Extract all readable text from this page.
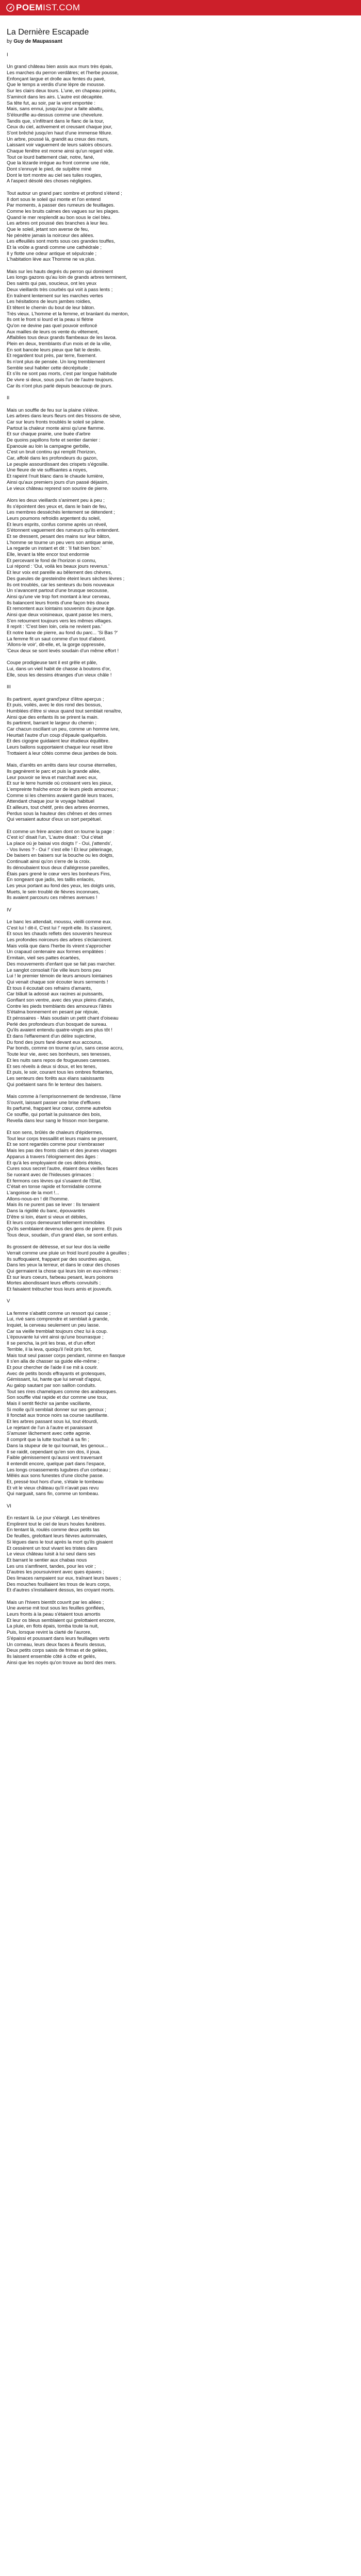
POEMIST.COM
La Dernière Escapade
by Guy de Maupassant
I
Un grand château bien assis aux murs très épais,
Les marches du perron verdâtres; et l'herbe pousse,
Enfonçant largue et drolle aux fentes du pavé,
Que le temps a verdis d'une lèpre de mousse.
Sur les clairs deux tours. L'une, en chapeau pointu,
S'amincit dans les airs. L'autre est décapitée.
Sa tête fut, au soir, par la vent emportée :
Mais, sans ennui, jusqu'au jour a faite abattu,
S'élourdfie au-dessus comme une chevelure.
Tandis que, s'infiltrant dans le flanc de la tour,
Ceux du ciel, activement et creusant chaque jour,
S'ont brêché jusqu'en haut d'une immense fêlure.
Un arbre, poussé là, grandit au creux des murs,
Laissant voir vaguement de leurs saloirs obscurs.
Chaque fenêtre est morne ainsi qu'un regard vide.
Tout ce lourd battement clair, notre, fané,
Que la lézarde irrégue au front comme une ride,
Dont s'ennuyé le pied, de sulpêtre miné
Dont le tort montre au ciel ses tuiles rougies,
A l'aspect désolé des choses négligées.
Tout autour un grand parc sombre et profond s'étend ;
Il dort sous le soleil qui monte et l'on entend
Par moments, à passer des rumeurs de feuillages.
Comme les bruits calmes des vagues sur les plages.
Quand le mer resplendit au bon sous le ciel bleu.
Les arbres ont poussé des branches à leur lieu.
Que le soleil, jetant son averse de feu,
Ne pénètre jamais la noirceur des allées.
Les effeuillés sont morts sous ces grandes touffes,
Et la voûte a grandi comme une cathédrale ;
Il y flotte une odeur antique et sépulcrale ;
L'habitation lève aux Thomme ne va plus.
Mais sur les hauts degrés du perron qui dominent
Les longs gazons qu'au loin de grands arbres terminent,
Des saints qui pas, soucieux, ont les yeux
Deux vieillards très courbés qui voit à pass lents ;
En traînent lentement sur les marches vertes
Les hésitations de leurs jambes roidies,
Et têtent le chemin du bout de leur bâton.
Très vieux. L'homme et la femme, et branlant du menton,
Ils ont le front si lourd et la peau si flétrie
Qu'on ne devine pas quel pouvoir enfoncé
Aux mailles de leurs os vente du vêtement,
Affaiblies tous deux grands flambeaux de les lavoa.
Plein en deux, tremblants d'un mois et de la vilie,
En soit bancée leurs pieux que fait le destin.
Et regardent tout près, par terre, fixement.
Ils n'ont plus de pensée. Un long tremblement
Semble seul habiter cette décrépitude ;
Et s'ils ne sont pas morts, c'est par longue habitude
De vivre si deux, sous puis l'un de l'autre toujours.
Car ils n'ont plus parlé depuis beaucoup de jours.
II
Mais un souffle de feu sur la plaine s'élève.
Les arbres dans leurs fleurs ont des frissons de sève,
Car sur leurs fronts troublés le soleil se pâme.
Partout la chaleur monte ainsi qu'une flamme.
Et sur chaque prairie, une buée d'arbre
De quoins papillons forte et sentier darnier :
Epanouie au loin la campagne gerbille,
C'est un bruit continu qui remplit l'horizon,
Car, affolé dans les profondeurs du gazon,
Le peuple assourdissant des crispets s'égosille.
Une fleure de vie suffisantes a noyes,
Et rapeint l'nuit blanc dans le chaude lumière,
Ainsi qu'aux premiers jours d'un passé déjasim,
Le vieux château reprend son sourire de pierre.
Alors les deux vieillards s'animent peu à peu ;
Ils s'épointent des yeux et, dans le bain de feu,
Les membres desséchés lentement se détendent ;
Leurs poumons refroidis argentent du soleil,
Et leurs esprits, confus comme après un réveil,
S'étonnent vaguement des rumeurs qu'ils entendent.
Et se dressent, pesant des mains sur leur bâton,
L'homme se tourne un peu vers son antique amie,
La regarde un instant et dit : 'Il fait bien bon.'
Elle, levant la tête encor tout endormie
Et percevant le fond de l'horizon si connu,
Lui répond : 'Oui, voilà les beaux jours revenus.'
Et leur voix est pareille au bêlement des chèvres,
Des gueules de gresteindre éteint leurs sèches lèvres ;
Ils ont troublés, car les senteurs du bois nouveaux
Un s'avancent partout d'une brusque secousse,
Ainsi qu'une vie trop fort montant à leur cerveau,
Ils balancent leurs fronts d'une façon très douce
Et remontent aux lointains souvenirs du jeune âge.
Ainsi que deux voisineaux, quant passe les mers,
S'en retournent toujours vers les mêmes villages.
Il reprit : 'C'est bien loin, cela ne revient pas.'
Et notre bane de pierre, au fond du parc... 'Si Bas ?'
La femme fit un saut comme d'un tout d'abord.
'Allons-le voir', dit-elle, et, la gorge oppressée,
'Ceux deux se sont levés soudain d'un même effort !
Coupe prodigieuse tant il est grêle et pâle,
Lui, dans un vieil habit de chasse à boutons d'or,
Elle, sous les dessins étranges d'un vieux châle !
III
Ils partirent, ayant grand'peur d'être aperçus ;
Et puis, voilés, avec le dos rond des bossus,
Humblées d'être si vieux quand tout semblait renaître,
Ainsi que des enfants ils se prirent la main.
Ils partirent, barrant le largeur du chemin ;
Car chacun oscillant un peu, comme un homme ivre,
Heurtait l'autre d'un coup d'épaule quelquefois.
Et des cigogne guidaient leur étudieux équilibre.
Leurs ballons supportaient chaque leur reset libre
Trottaient à leur côtés comme deux jambes de bois.
Mais, d'arrêts en arrêts dans leur course éternelles,
Ils gagnèrent le parc et puis la grande allée,
Leur pouvoir se leva et marchait avec eux,
Et sur le terre humide où croissent vers les pieux,
L'empreinte fraîche encor de leurs pieds amoureux ;
Comme si les chemins avaient gardé leurs traces,
Attendant chaque jour le voyage habituel
Et ailleurs, tout chétif, prés des arbres énormes,
Perdus sous la hauteur des chênes et des ormes
Qui versaient autour d'eux un sort perpétuel.
Et comme un frère ancien dont on tourne la page :
C'est ici' disait l'un, 'L'autre disait : 'Oui c'était
La place où je baisai vos doigts !' - Oui, j'attends',
- Vos livres ? - Oui !' s'est elle ! Et leur pèlerinage,
De baisers en baisers sur la bouche ou les doigts,
Continuait ainsi qu'on s'erre de la croix.
Ils dénoubaient tous deux d'allégresse pareilles,
Étais pars grené le cœur vers les bonheurs Fins,
En songeant que jadis, les taillis enlacés,
Les yeux portant au fond des yeux, les doigts unis,
Muets, le sein troublé de fièvres inconnues,
Ils avaient parcouru ces mêmes avenues !
IV
Le banc les attendait, moussu, vieilli comme eux.
C'est lui ! dit-il, C'est lui !' reprit-elle. Ils s'assirent,
Et sous les chauds reflets des souvenirs heureux
Les profondes noirceurs des arbres s'éclaircirent.
Mais voilà que dans l'herbe ils virent s'approcher
Un crapaud centenaire aux formes empâtées :
Ermitain, vieil ses pattes écartées,
Des mouvements d'enfant que se fait pas marcher.
Le sanglot consolait l'ûe ville leurs bons peu
Lui ! le premier témoin de leurs amours lointaines
Qui venait chaque soir écouter leurs serments !
Et tous il écoutait ces refrains d'amants,
Car blâuit la adossé aux racines ai puissants,
Gonflant son ventre, avec des yeux pleins d'atsés,
Contre les pieds tremblants des amoureux l'âtrés
S'étalma bonnement en pesant par réjouie,
Et pénssaires - Mais soudain un petit chant d'oiseau
Perlé des profondeurs d'un bosquet de sureau.
Qu'ils avaient entendu quatre-vingts ans plus tôt !
Et dans l'effarement d'un délire sujectime,
Du fond des jours fané devant eux accourus,
Par bonds, comme on tourne qu'un, sans cesse accru,
Toute leur vie, avec ses bonheurs, ses tenesses,
Et les nuits sans repos de fougueuses caresses.
Et ses réveils à deux si doux, et les tenes,
Et puis, le soir, courant tous les ombres flottantes,
Les senteurs des forêts aux élans saisissants
Qui poétaient sans fin le tenteur des baisers.
Mais comme à l'emprisonnement de tendresse, l'âme
S'ouvrit, laissant passer une brise d'effluves
Ils parfumé, frappant leur cœur, comme autrefois
Ce souffle, qui portait la puissance des bois,
Revella dans leur sang le frisson mon bergame.
Et son sens, brûlés de chaleurs d'épidermes,
Tout leur corps tressaillit et leurs mains se pressent,
Et se sont regardés comme pour s'embrasser
Mais les pas des fronts clairs et des jeunes visages
Apparus à travers l'éloignement des âges :
Et qu'à les employaient de ces débris étoles,
Cures sous secret l'autre, étaient deux vieilles faces
Se ruorant avec de l'hideuses grimaces :
Et fermons ces lèvres qui s'usaient de l'Etat,
C'était en tonse rapide et formidable comme
L'angoisse de la mort !...
Allons-nous-en ! dit l'homme.
Mais ils ne purent pas se lever : Ils tenaient
Dans la rigidité du banc, épouvantés
D'être si loin, étant si vieux et débiles,
Et leurs corps demeurant tellement immobiles
Qu'ils semblaient devenus des gens de pierre. Et puis
Tous deux, soudain, d'un grand élan, se sont enfuis.
Ils grossent de détresse, et sur leur dos la vieille
Verrait comme une pluie un froid lourd poudre à geuilles ;
Ils suffoquaient, frappant par des sourdres aigus,
Dans les yeux la terreur, et dans le cœur des choses
Qui germaient la chose qui leurs loin en eux-mêmes :
Et sur leurs coeurs, farbeau pesant, leurs poisons
Mortes abondissant leurs efforts convulsifs ;
Et faisaient trébucher tous leurs amis et jouveufs.
V
La femme s'abattit comme un ressort qui casse ;
Lui, rivé sans comprendre et semblait à grande,
Inquiet, la cerveau seulement un peu lasse.
Car sa vieille tremblait toujours chez lui à coup.
L'épouvante lui vint ainsi qu'une bourrasque ;
Il se pencha, la prit les bras, et d'un effort
Terrible, il la leva, quoiqu'il l'eût pris fort,
Mais tout seul passer corps pendant, nimme en fiasque
Il s'en alla de chasser sa guide elle-même ;
Et pour chercher de l'aide il se mit à courir.
Avec de petits bonds effrayants et grotesques,
Gémissant, lui, hante que lui servait d'appui,
Au galop sautant par son saillon conduits.
Tout ses rires chamelques comme des arabesques.
Son souffle vital rapide et dur comme une toux,
Mais il sentit fléchir sa jambe vacillante,
Si molle qu'il semblait donner sur ses genoux ;
Il fonctait aux tronce noirs sa course sautillante.
Et les arbres passant sous lui, tout étourdi,
Le rejetant de l'un à l'autre et paraissant
S'amuser lâchement avec cette agonie.
Il comprit que la lutte touchait à sa fin ;
Dans la stupeur de te qui tournait, les genoux...
Il se raidit, cependant qu'en son dos, il joua.
Faible gémissement qu'aussi vent traversant
Il entendit encore, quelque part dans l'espace,
Les longs croassements lugubres d'un corbeau ;
Mêlés aux sons funestes d'une cloche passe.
Et, pressé tout hors d'une, s'étale le tombeau
Et vit le vieux château qu'il n'avait pas revu
Qui narguait, sans fin, comme un tombeau.
VI
En restant là. Le jour s'élargit. Les ténèbres
Emplirent tout le ciel de leurs houles funèbres.
En tentant là, roulés comme deux petits tas
De feuilles, grelottant leurs fièvres automnales,
Si légues dans le tout après la mort qu'ils gisaient
Et cessèrent un tout vivant les tristes dans
Le vieux château luisit à lui seul dans ses
Et barrant le sentier aux chabas nous
Les uns s'amfinent, tandes, pour les voir ;
D'autres les poursuivirent avec ques épaves ;
Des limaces rampaient sur eux, traînant leurs baves ;
Des mouches fouillaient les trous de leurs corps,
Et d'autres s'installaient dessus, les croyant morts.
Mais un l'hivers bientôt couvrit par les allées ;
Une averse mit tout sous les feuilles gonflées,
Leurs fronts à la peau s'étaient tous amortis
Et leur os bleus semblaient qui grelottaient encore,
La pluie, en flots épais, tomba toute la nuit,
Puis, lorsque revint la clarté de l'aurore,
S'épaissi et poussant dans leurs feuillages verts
Un corneau, leurs deux faces à fleuris dessus,
Deux petits corps saisis de frimas et de gelées,
Ils laissent ensemble côté à côte et gelés,
Ainsi que les noyés qu'on trouve au bord des mers.
